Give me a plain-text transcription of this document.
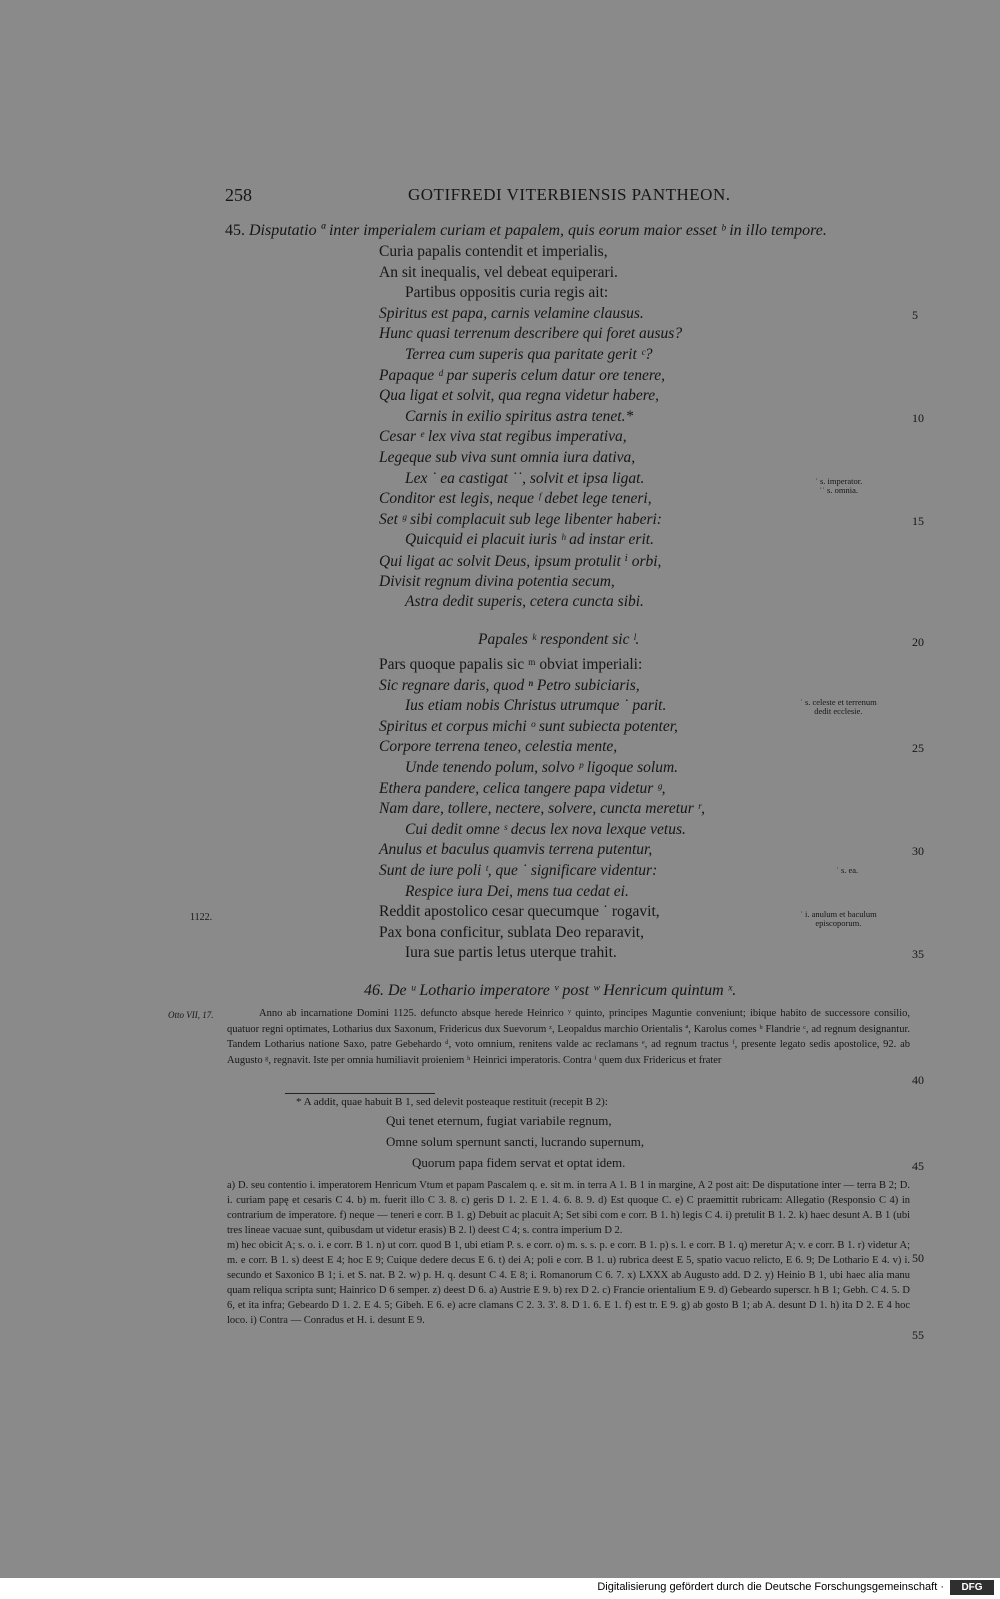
258	GOTIFREDI VITERBIENSIS PANTHEON.
45. Disputatio ª inter imperialem curiam et papalem, quis eorum maior esset ᵇ in illo tempore.
Curia papalis contendit et imperialis,
An sit inequalis, vel debeat equiperari.
Partibus oppositis curia regis ait:
Spiritus est papa, carnis velamine clausus.	5
Hunc quasi terrenum describere qui foret ausus?
Terrea cum superis qua paritate gerit ᶜ?
Papaque ᵈ par superis celum datur ore tenere,
Qua ligat et solvit, qua regna videtur habere,
Carnis in exilio spiritus astra tenet.*	10
Cesar ᵉ lex viva stat regibus imperativa,
Legeque sub viva sunt omnia iura dativa,
Lex ˙ ea castigat ˙˙, solvit et ipsa ligat.
Conditor est legis, neque ᶠ debet lege teneri,
Set ᵍ sibi complacuit sub lege libenter haberi:	15
Quicquid ei placuit iuris ʰ ad instar erit.
Qui ligat ac solvit Deus, ipsum protulit ⁱ orbi,
Divisit regnum divina potentia secum,
Astra dedit superis, cetera cuncta sibi.
Papales ᵏ respondent sic ˡ.	20
Pars quoque papalis sic ᵐ obviat imperiali:
Sic regnare daris, quod ⁿ Petro subiciaris,
Ius etiam nobis Christus utrumque ˙ parit.
Spiritus et corpus michi ᵒ sunt subiecta potenter,
Corpore terrena teneo, celestia mente,	25
Unde tenendo polum, solvo ᵖ ligoque solum.
Ethera pandere, celica tangere papa videtur ᵍ,
Nam dare, tollere, nectere, solvere, cuncta meretur ʳ,
Cui dedit omne ˢ decus lex nova lexque vetus.
Anulus et baculus quamvis terrena putentur,	30
Sunt de iure poli ᵗ, que ˙ significare videntur:
Respice iura Dei, mens tua cedat ei.
Reddit apostolico cesar quecumque ˙ rogavit,
Pax bona conficitur, sublata Deo reparavit,
Iura sue partis letus uterque trahit.	35
1122.
˙ s. imperator.
˙˙ s. omnia.
˙ s. celeste et terrenum
dedit ecclesie.
˙ s. ea.
˙ i. anulum et baculum
episcoporum.
46. De ᵘ Lothario imperatore ᵛ post ʷ Henricum quintum ˣ.
Otto VII, 17.	Anno ab incarnatione Domini 1125. defuncto absque herede Heinrico ʸ quinto, principes Maguntie conveniunt; ibique habito de successore consilio, quatuor regni optimates, Lotharius dux Saxonum, Fridericus dux Suevorum ᶻ, Leopaldus marchio Orientalis ª, Karolus comes ᵇ Flandrie ᶜ, ad regnum designantur. Tandem Lotharius natione Saxo, patre Gebehardo ᵈ, voto omnium, renitens valde ac reclamans ᵉ, ad regnum tractus ᶠ, presente legato sedis apostolice, 92. ab Augusto ᵍ, regnavit. Iste per omnia humiliavit proieniem ʰ Heinrici imperatoris. Contra ⁱ quem dux Fridericus et frater

40
* A addit, quae habuit B 1, sed delevit posteaque restituit (recepit B 2):
Qui tenet eternum, fugiat variabile regnum,
Omne solum spernunt sancti, lucrando supernum,
Quorum papa fidem servat et optat idem.	45

a) D. seu contentio i. imperatorem Henricum Vtum et papam Pascalem q. e. sit m. in terra A 1. B 1 in margine, A 2 post ait: De disputatione inter — terra B 2; D. i. curiam papę et cesaris C 4. b) m. fuerit illo C 3. 8. c) geris D 1. 2. E 1. 4. 6. 8. 9. d) Est quoque C. e) C praemittit rubricam: Allegatio (Responsio C 4) in contrarium de imperatore. f) neque — teneri e corr. B 1. g) Debuit ac placuit A; Set sibi com e corr. B 1. h) legis C 4. i) pretulit B 1. 2. k) haec desunt A. B 1 (ubi tres lineae vacuae sunt, quibusdam ut videtur erasis) B 2. l) deest C 4; s. contra imperium D 2.

m) hec obicit A; s. o. i. e corr. B 1. n) ut corr. quod B 1, ubi etiam P. s. e corr. o) m. s. s. p. e corr. B 1. p) s. l. e corr. B 1. q) meretur A; v. e corr. B 1. r) videtur A; m. e corr. B 1. s) deest E 4; hoc E 9; Cuique dedere decus E 6. t) dei A; poli e corr. B 1. u) rubrica deest E 5, spatio vacuo relicto, E 6. 9; De Lothario E 4. v) i. secundo et Saxonico B 1; i. et S. nat. B 2. w) p. H. q. desunt C 4. E 8; i. Romanorum C 6. 7. x) LXXX ab Augusto add. D 2. y) Heinio B 1, ubi haec alia manu quam reliqua scripta sunt; Hainrico D 6 semper. z) deest D 6. a) Austrie E 9. b) rex D 2. c) Francie orientalium E 9. d) Gebeardo superscr. h B 1; Gebh. C 4. 5. D 6, et ita infra; Gebeardo D 1. 2. E 4. 5; Gibeh. E 6. e) acre clamans C 2. 3. 3'. 8. D 1. 6. E 1. f) est tr. E 9. g) ab gosto B 1; ab A. desunt D 1. h) ita D 2. E 4 hoc loco. i) Contra — Conradus et H. i. desunt E 9.

50
55
Digitalisierung gefördert durch die Deutsche Forschungsgemeinschaft ·	DFG
